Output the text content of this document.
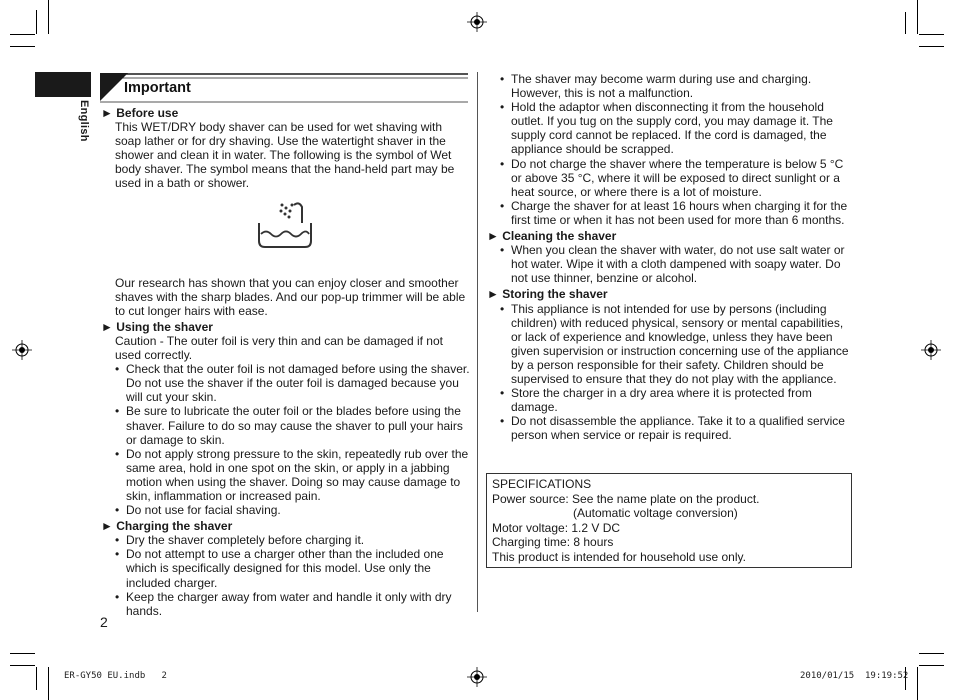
English
Important

► Before use

This WET/DRY body shaver can be used for wet shaving with soap lather or for dry shaving. Use the watertight shaver in the shower and clean it in water. The following is the symbol of Wet body shaver. The symbol means that the hand-held part may be used in a bath or shower.

Our research has shown that you can enjoy closer and smoother shaves with the sharp blades. And our pop-up trimmer will be able to cut longer hairs with ease.

► Using the shaver

Caution - The outer foil is very thin and can be damaged if not used correctly.

• Check that the outer foil is not damaged before using the shaver. Do not use the shaver if the outer foil is damaged because you will cut your skin.
• Be sure to lubricate the outer foil or the blades before using the shaver. Failure to do so may cause the shaver to pull your hairs or damage to skin.
• Do not apply strong pressure to the skin, repeatedly rub over the same area, hold in one spot on the skin, or apply in a jabbing motion when using the shaver. Doing so may cause damage to skin, inflammation or increased pain.
• Do not use for facial shaving.

► Charging the shaver

• Dry the shaver completely before charging it.
• Do not attempt to use a charger other than the included one which is specifically designed for this model. Use only the included charger.
• Keep the charger away from water and handle it only with dry hands.
• The shaver may become warm during use and charging. However, this is not a malfunction.
• Hold the adaptor when disconnecting it from the household outlet. If you tug on the supply cord, you may damage it. The supply cord cannot be replaced. If the cord is damaged, the appliance should be scrapped.
• Do not charge the shaver where the temperature is below 5 °C or above 35 °C, where it will be exposed to direct sunlight or a heat source, or where there is a lot of moisture.
• Charge the shaver for at least 16 hours when charging it for the first time or when it has not been used for more than 6 months.

► Cleaning the shaver

• When you clean the shaver with water, do not use salt water or hot water. Wipe it with a cloth dampened with soapy water. Do not use thinner, benzine or alcohol.

► Storing the shaver

• This appliance is not intended for use by persons (including children) with reduced physical, sensory or mental capabilities, or lack of experience and knowledge, unless they have been given supervision or instruction concerning use of the appliance by a person responsible for their safety. Children should be supervised to ensure that they do not play with the appliance.
• Store the charger in a dry area where it is protected from damage.
• Do not disassemble the appliance. Take it to a qualified service person when service or repair is required.
SPECIFICATIONS
Power source: See the name plate on the product.
(Automatic voltage conversion)
Motor voltage: 1.2 V DC
Charging time: 8 hours
This product is intended for household use only.
2
ER-GY50 EU.indb   2	2010/01/15 19:19:52
